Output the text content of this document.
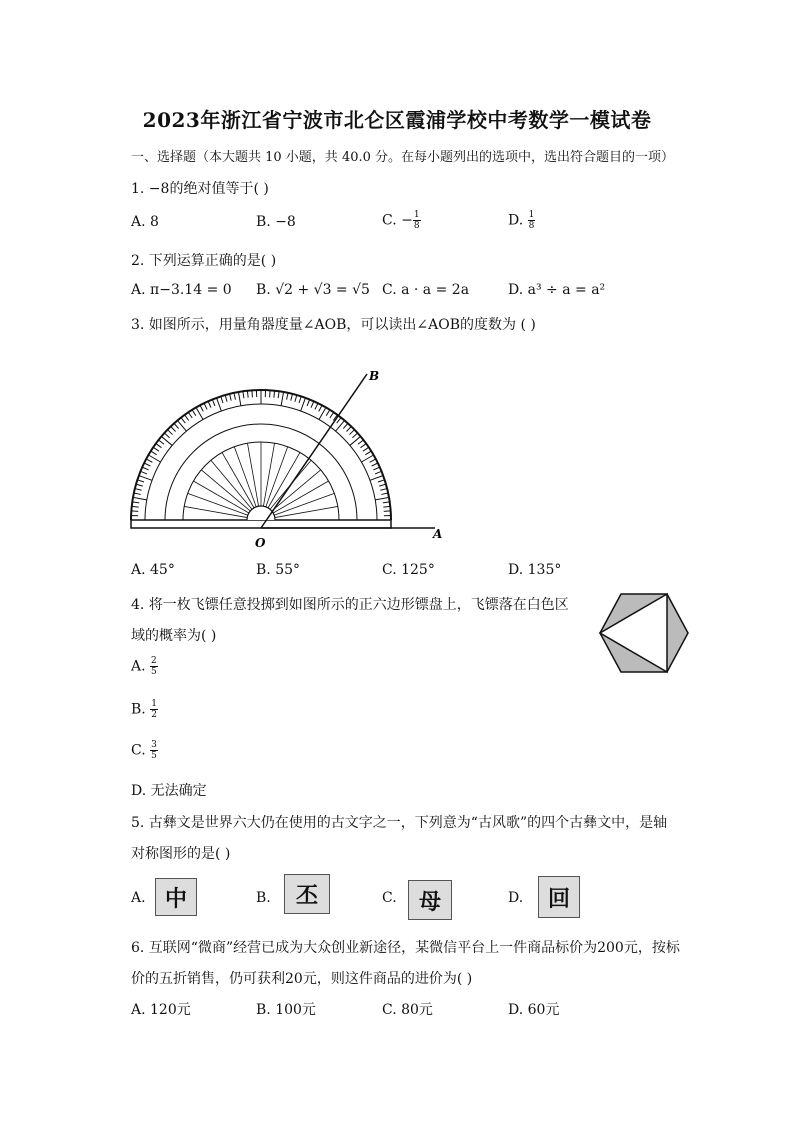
2023年浙江省宁波市北仑区霞浦学校中考数学一模试卷
一、选择题（本大题共 10 小题，共 40.0 分。在每小题列出的选项中，选出符合题目的一项）
1. −8的绝对值等于( )
A. 8	B. −8	C. − $\frac{1}{8}$	D. $\frac{1}{8}$
2. 下列运算正确的是( )
A. π−3.14 = 0 B. √2 + √3 = √5 C. a · a = 2a	D. a³ ÷ a = a²
3. 如图所示，用量角器度量∠AOB，可以读出∠AOB的度数为 ( )
B
O
A
A. 45°	B. 55°	C. 125°	D. 135°
4. 将一枚飞镖任意投掷到如图所示的正六边形镖盘上，飞镖落在白色区
域的概率为( )
A. $\frac{2}{5}$
B. $\frac{1}{2}$
C. $\frac{3}{5}$
D. 无法确定
5. 古彝文是世界六大仍在使用的古文字之一，下列意为“古风歌”的四个古彝文中，是轴
对称图形的是( )
A. 中	B.	丕	C.	母	D.	回
6. 互联网“微商”经营已成为大众创业新途径，某微信平台上一件商品标价为200元，按标
价的五折销售，仍可获利20元，则这件商品的进价为( )
A. 120元	B. 100元	C. 80元	D. 60元
